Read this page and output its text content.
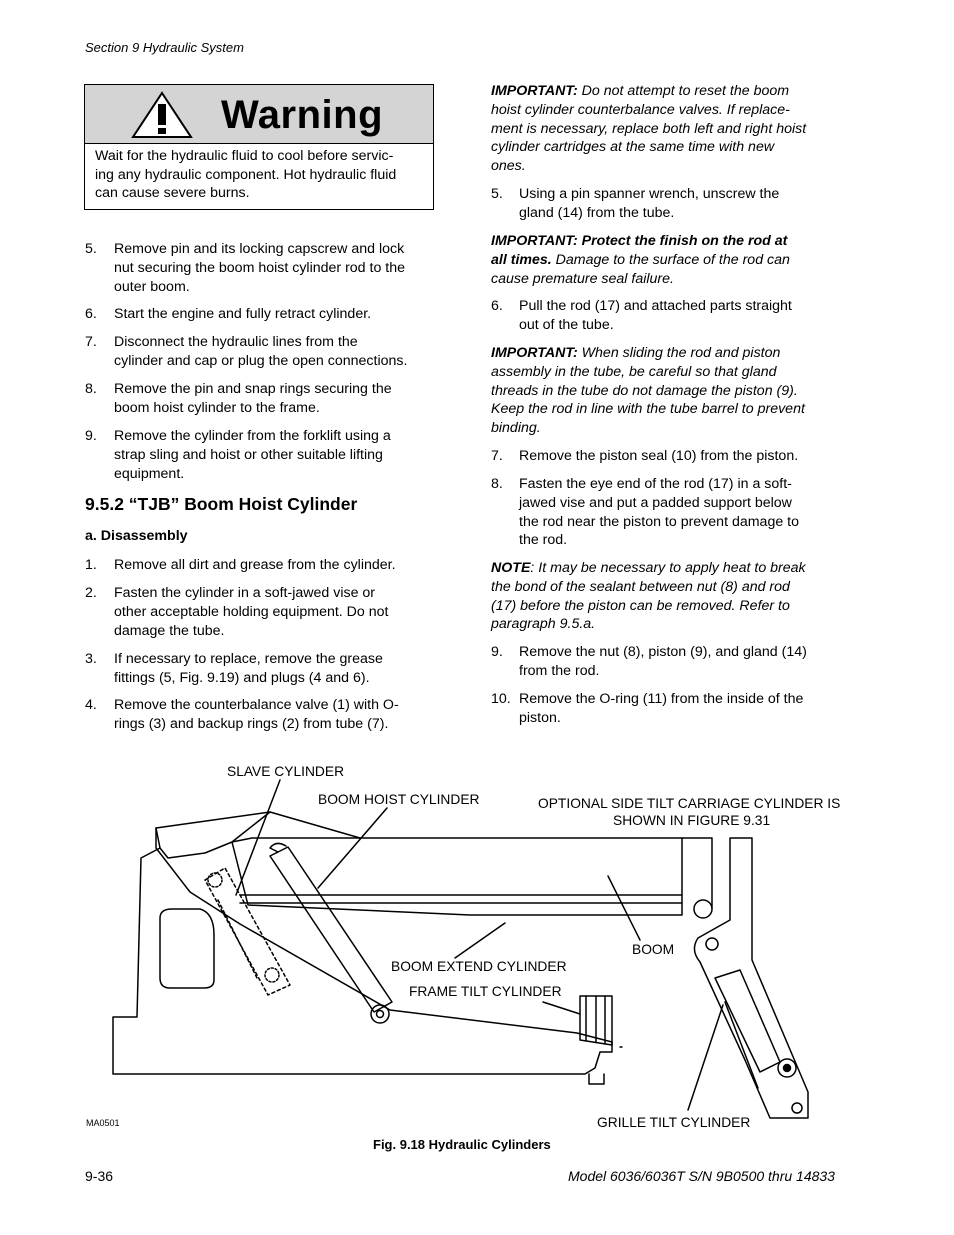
Section 9 Hydraulic System
Warning
Wait for the hydraulic fluid to cool before servic-
ing any hydraulic component. Hot hydraulic fluid
can cause severe burns.
5. Remove pin and its locking capscrew and lock
nut securing the boom hoist cylinder rod to the
outer boom.
6. Start the engine and fully retract cylinder.
7. Disconnect the hydraulic lines from the
cylinder and cap or plug the open connections.
8. Remove the pin and snap rings securing the
boom hoist cylinder to the frame.
9. Remove the cylinder from the forklift using a
strap sling and hoist or other suitable lifting
equipment.
9.5.2 “TJB” Boom Hoist Cylinder
a. Disassembly
1. Remove all dirt and grease from the cylinder.
2. Fasten the cylinder in a soft-jawed vise or
other acceptable holding equipment. Do not
damage the tube.
3. If necessary to replace, remove the grease
fittings (5, Fig. 9.19) and plugs (4 and 6).
4. Remove the counterbalance valve (1) with O-
rings (3) and backup rings (2) from tube (7).
IMPORTANT: Do not attempt to reset the boom
hoist cylinder counterbalance valves. If replace-
ment is necessary, replace both left and right hoist
cylinder cartridges at the same time with new
ones.
5. Using a pin spanner wrench, unscrew the
gland (14) from the tube.
IMPORTANT: Protect the finish on the rod at
all times. Damage to the surface of the rod can
cause premature seal failure.
6. Pull the rod (17) and attached parts straight
out of the tube.
IMPORTANT: When sliding the rod and piston
assembly in the tube, be careful so that gland
threads in the tube do not damage the piston (9).
Keep the rod in line with the tube barrel to prevent
binding.
7. Remove the piston seal (10) from the piston.
8. Fasten the eye end of the rod (17) in a soft-
jawed vise and put a padded support below
the rod near the piston to prevent damage to
the rod.
NOTE: It may be necessary to apply heat to break
the bond of the sealant between nut (8) and rod
(17) before the piston can be removed. Refer to
paragraph 9.5.a.
9. Remove the nut (8), piston (9), and gland (14)
from the rod.
10. Remove the O-ring (11) from the inside of the
piston.
SLAVE CYLINDER
BOOM HOIST CYLINDER	OPTIONAL SIDE TILT CARRIAGE CYLINDER IS
SHOWN IN FIGURE 9.31
BOOM
BOOM EXTEND CYLINDER
FRAME TILT CYLINDER
GRILLE TILT CYLINDER
MA0501
Fig. 9.18 Hydraulic Cylinders
9-36	Model 6036/6036T S/N 9B0500 thru 14833
